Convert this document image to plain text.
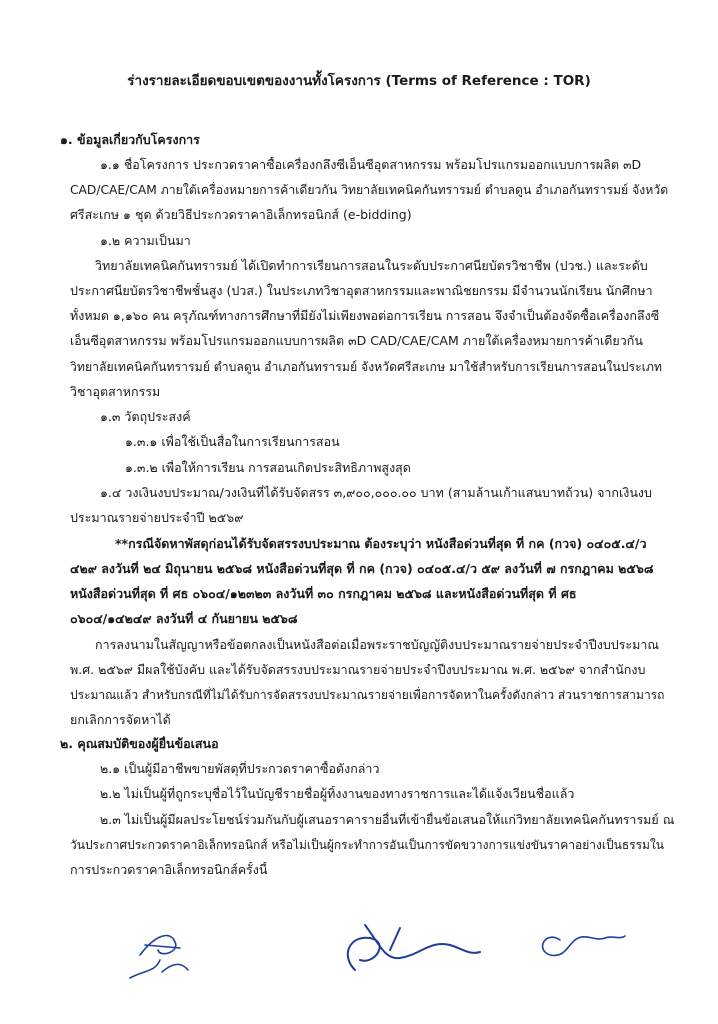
ร่างรายละเอียดขอบเขตของงานทั้งโครงการ (Terms of Reference : TOR)
๑. ข้อมูลเกี่ยวกับโครงการ
๑.๑ ชื่อโครงการ ประกวดราคาซื้อเครื่องกลึงซีเอ็นซีอุตสาหกรรม พร้อมโปรแกรมออกแบบการผลิต ๓D
CAD/CAE/CAM ภายใต้เครื่องหมายการค้าเดียวกัน วิทยาลัยเทคนิคกันทรารมย์ ตำบลดูน อำเภอกันทรารมย์ จังหวัด
ศรีสะเกษ ๑ ชุด ด้วยวิธีประกวดราคาอิเล็กทรอนิกส์ (e-bidding)
๑.๒ ความเป็นมา
วิทยาลัยเทคนิคกันทรารมย์ ได้เปิดทำการเรียนการสอนในระดับประกาศนียบัตรวิชาชีพ (ปวช.) และระดับ
ประกาศนียบัตรวิชาชีพชั้นสูง (ปวส.) ในประเภทวิชาอุตสาหกรรมและพาณิชยกรรม มีจำนวนนักเรียน นักศึกษา
ทั้งหมด ๑,๑๖๐ คน ครุภัณฑ์ทางการศึกษาที่มียังไม่เพียงพอต่อการเรียน การสอน จึงจำเป็นต้องจัดซื้อเครื่องกลึงซี
เอ็นซีอุตสาหกรรม พร้อมโปรแกรมออกแบบการผลิต ๓D CAD/CAE/CAM ภายใต้เครื่องหมายการค้าเดียวกัน
วิทยาลัยเทคนิคกันทรารมย์ ตำบลดูน อำเภอกันทรารมย์ จังหวัดศรีสะเกษ มาใช้สำหรับการเรียนการสอนในประเภท
วิชาอุตสาหกรรม
๑.๓ วัตถุประสงค์
๑.๓.๑ เพื่อใช้เป็นสื่อในการเรียนการสอน
๑.๓.๒ เพื่อให้การเรียน การสอนเกิดประสิทธิภาพสูงสุด
๑.๔ วงเงินงบประมาณ/วงเงินที่ได้รับจัดสรร ๓,๙๐๐,๐๐๐.๐๐ บาท (สามล้านเก้าแสนบาทถ้วน) จากเงินงบ
ประมาณรายจ่ายประจำปี ๒๕๖๙
**กรณีจัดหาพัสดุก่อนได้รับจัดสรรงบประมาณ ต้องระบุว่า หนังสือด่วนที่สุด ที่ กค (กวจ) ๐๔๐๕.๔/ว
๔๒๙ ลงวันที่ ๒๔ มิถุนายน ๒๕๖๘ หนังสือด่วนที่สุด ที่ กค (กวจ) ๐๔๐๕.๔/ว ๕๙ ลงวันที่ ๗ กรกฎาคม ๒๕๖๘
หนังสือด่วนที่สุด ที่ ศธ ๐๖๐๔/๑๒๓๒๓ ลงวันที่ ๓๐ กรกฎาคม ๒๕๖๘ และหนังสือด่วนที่สุด ที่ ศธ
๐๖๐๔/๑๔๒๔๙ ลงวันที่ ๔ กันยายน ๒๕๖๘
การลงนามในสัญญาหรือข้อตกลงเป็นหนังสือต่อเมื่อพระราชบัญญัติงบประมาณรายจ่ายประจำปีงบประมาณ
พ.ศ. ๒๕๖๙ มีผลใช้บังคับ และได้รับจัดสรรงบประมาณรายจ่ายประจำปีงบประมาณ พ.ศ. ๒๕๖๙ จากสำนักงบ
ประมาณแล้ว สำหรับกรณีที่ไม่ได้รับการจัดสรรงบประมาณรายจ่ายเพื่อการจัดหาในครั้งดังกล่าว ส่วนราชการสามารถ
ยกเลิกการจัดหาได้
๒. คุณสมบัติของผู้ยื่นข้อเสนอ
๒.๑ เป็นผู้มีอาชีพขายพัสดุที่ประกวดราคาซื้อดังกล่าว
๒.๒ ไม่เป็นผู้ที่ถูกระบุชื่อไว้ในบัญชีรายชื่อผู้ทิ้งงานของทางราชการและได้แจ้งเวียนชื่อแล้ว
๒.๓ ไม่เป็นผู้มีผลประโยชน์ร่วมกันกับผู้เสนอราคารายอื่นที่เข้ายื่นข้อเสนอให้แก่วิทยาลัยเทคนิคกันทรารมย์ ณ
วันประกาศประกวดราคาอิเล็กทรอนิกส์ หรือไม่เป็นผู้กระทำการอันเป็นการขัดขวางการแข่งขันราคาอย่างเป็นธรรมใน
การประกวดราคาอิเล็กทรอนิกส์ครั้งนี้
